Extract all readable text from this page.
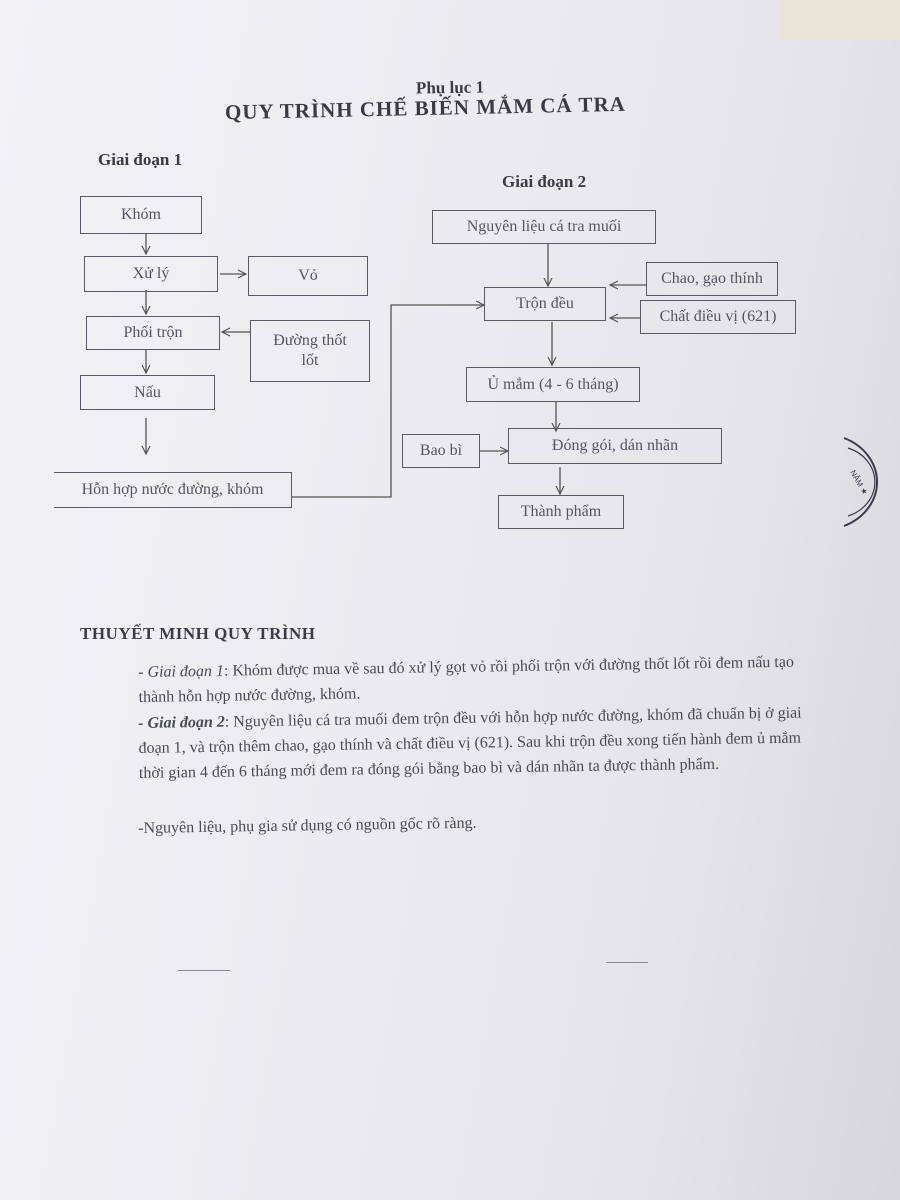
Phụ lục 1
QUY TRÌNH CHẾ BIẾN MẮM CÁ TRA
Giai đoạn 1
Giai đoạn 2
Khóm
Xử lý	Vỏ
Phối trộn	Đường thốt lốt
Nấu
Hỗn hợp nước đường, khóm
Nguyên liệu cá tra muối
Chao, gạo thính
Trộn đều
Chất điều vị (621)
Ủ mắm (4 - 6 tháng)
Bao bì	Đóng gói, dán nhãn
Thành phẩm
NĂM ★
THUYẾT MINH QUY TRÌNH
- Giai đoạn 1: Khóm được mua về sau đó xử lý gọt vỏ rồi phối trộn với đường thốt lốt rồi đem nấu tạo thành hỗn hợp nước đường, khóm.
- Giai đoạn 2: Nguyên liệu cá tra muối đem trộn đều với hỗn hợp nước đường, khóm đã chuẩn bị ở giai đoạn 1, và trộn thêm chao, gạo thính và chất điều vị (621). Sau khi trộn đều xong tiến hành đem ủ mắm thời gian 4 đến 6 tháng mới đem ra đóng gói bằng bao bì và dán nhãn ta được thành phẩm.
-Nguyên liệu, phụ gia sử dụng có nguồn gốc rõ ràng.
